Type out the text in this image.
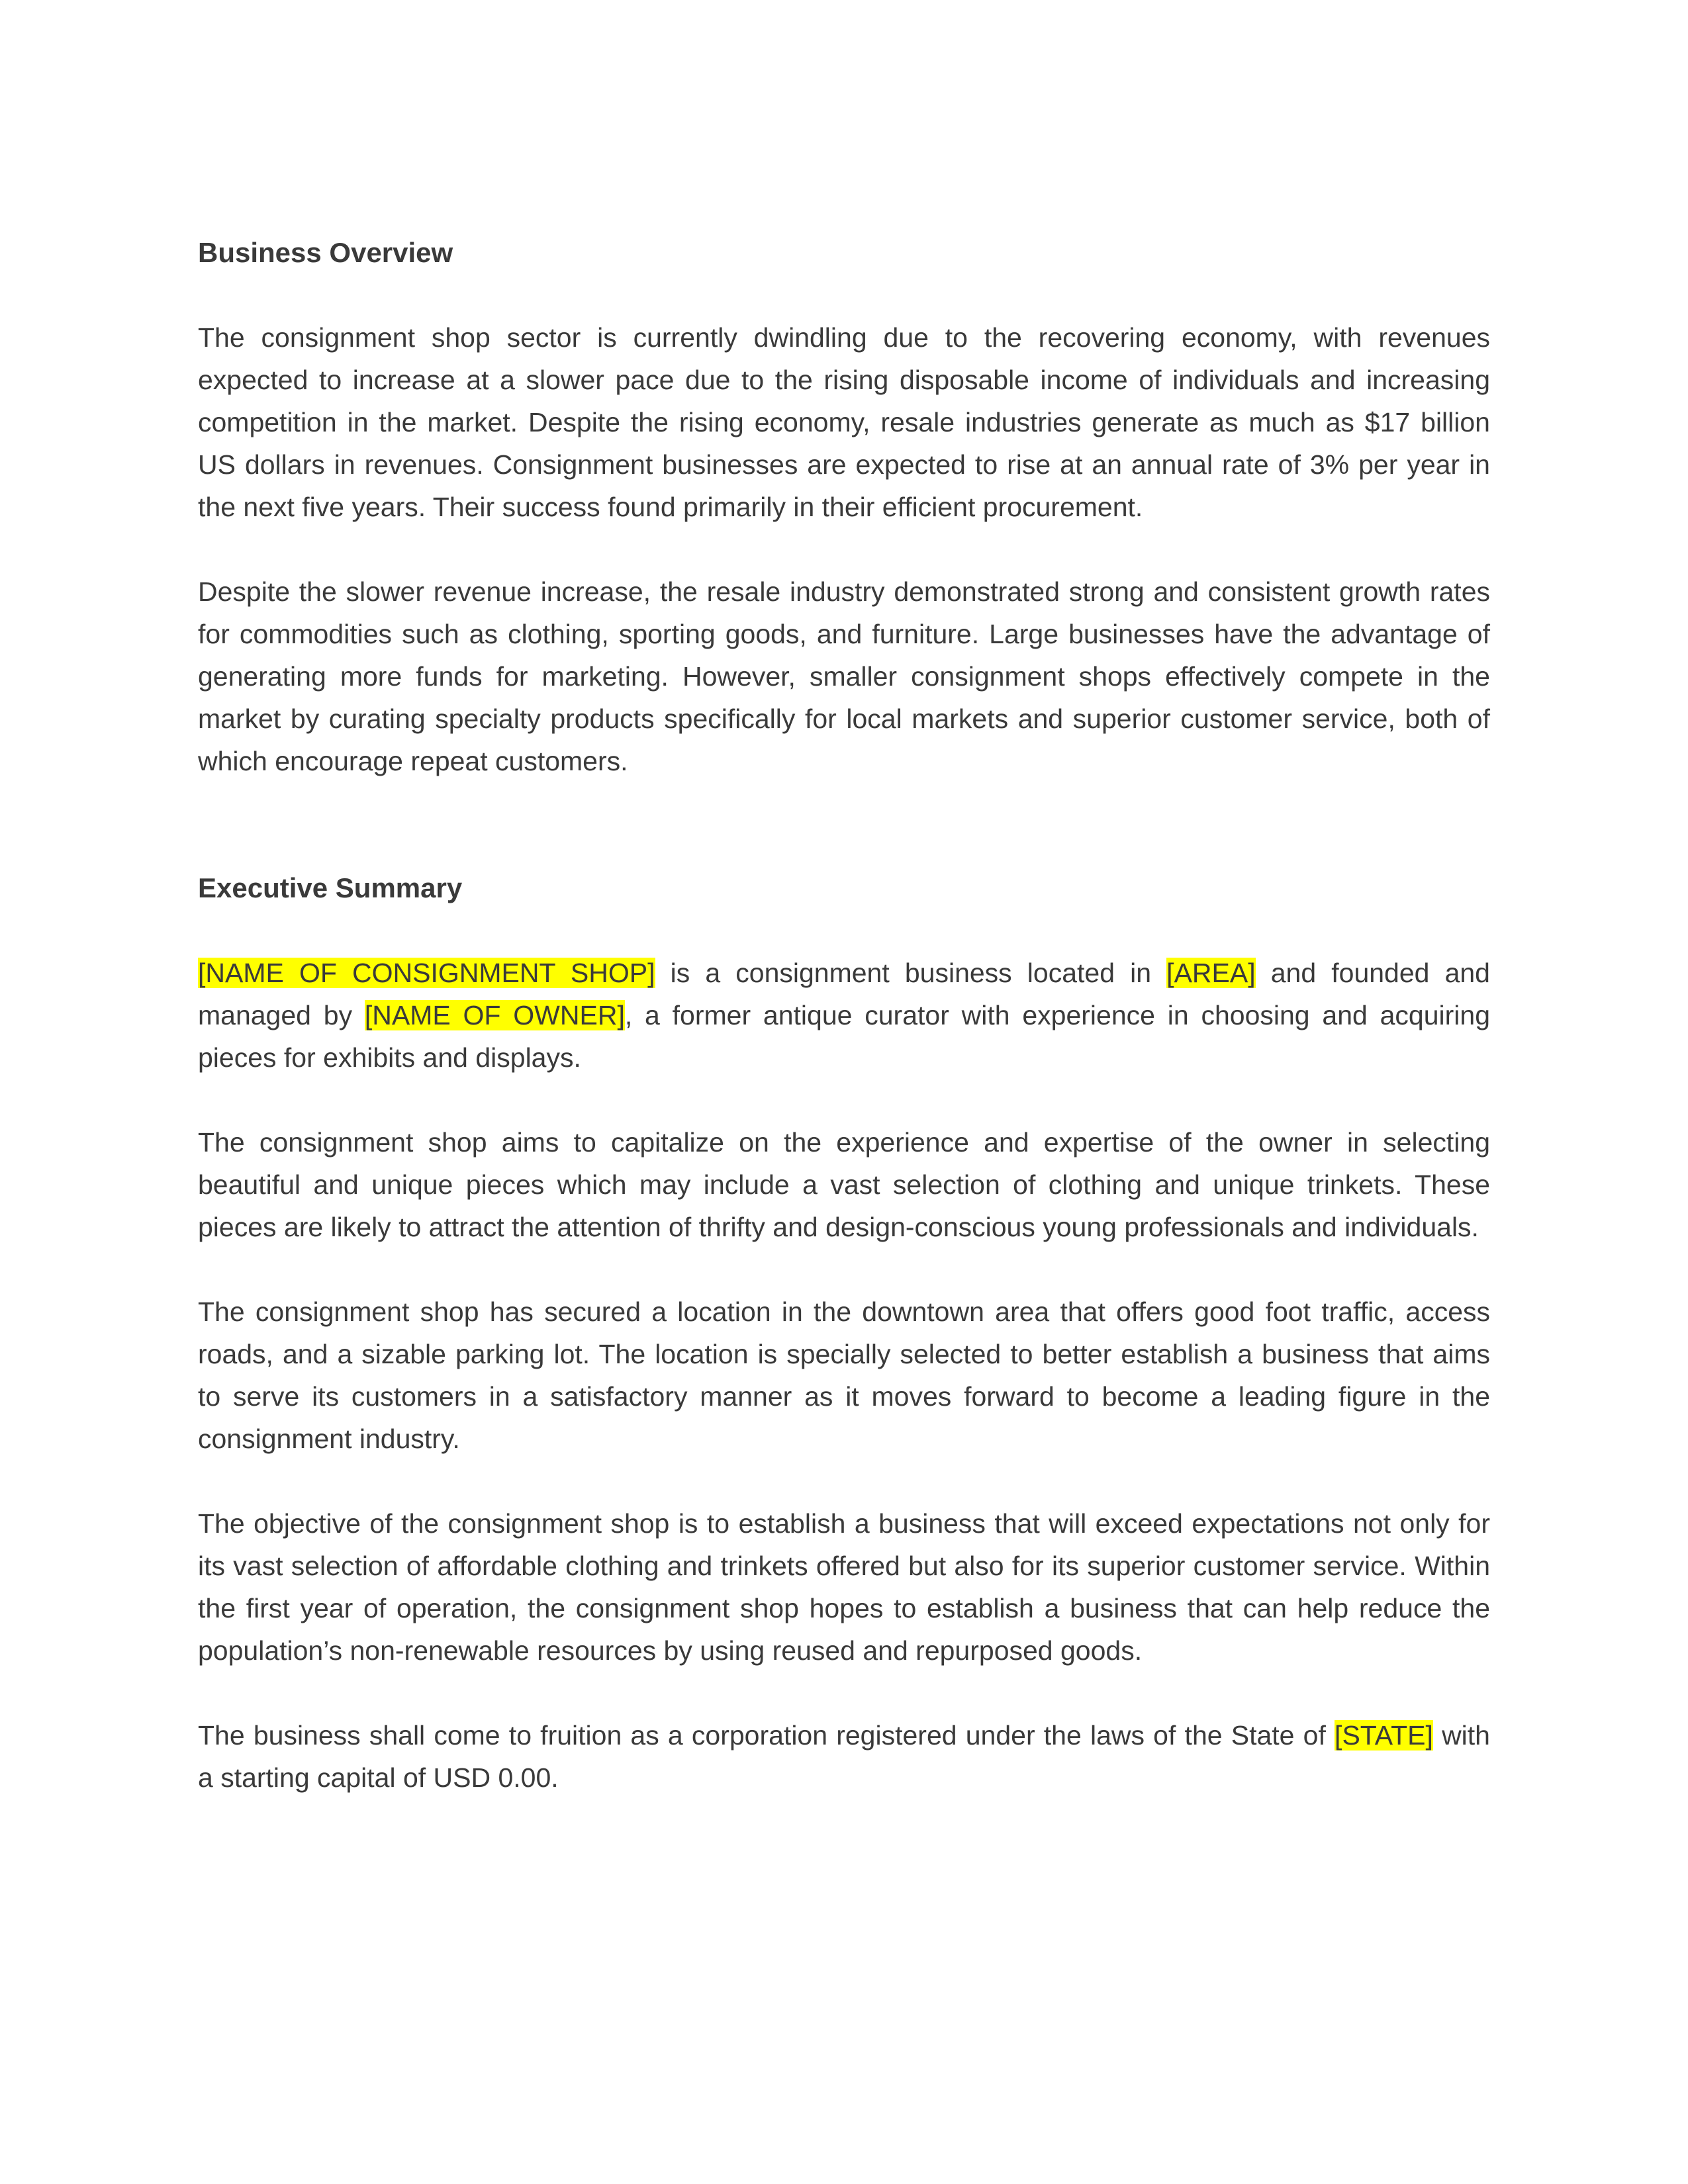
Business Overview

The consignment shop sector is currently dwindling due to the recovering economy, with revenues expected to increase at a slower pace due to the rising disposable income of individuals and increasing competition in the market. Despite the rising economy, resale industries generate as much as $17 billion US dollars in revenues. Consignment businesses are expected to rise at an annual rate of 3% per year in the next five years. Their success found primarily in their efficient procurement.

Despite the slower revenue increase, the resale industry demonstrated strong and consistent growth rates for commodities such as clothing, sporting goods, and furniture. Large businesses have the advantage of generating more funds for marketing. However, smaller consignment shops effectively compete in the market by curating specialty products specifically for local markets and superior customer service, both of which encourage repeat customers.

Executive Summary

[NAME OF CONSIGNMENT SHOP] is a consignment business located in [AREA] and founded and managed by [NAME OF OWNER], a former antique curator with experience in choosing and acquiring pieces for exhibits and displays.

The consignment shop aims to capitalize on the experience and expertise of the owner in selecting beautiful and unique pieces which may include a vast selection of clothing and unique trinkets. These pieces are likely to attract the attention of thrifty and design-conscious young professionals and individuals.

The consignment shop has secured a location in the downtown area that offers good foot traffic, access roads, and a sizable parking lot. The location is specially selected to better establish a business that aims to serve its customers in a satisfactory manner as it moves forward to become a leading figure in the consignment industry.

The objective of the consignment shop is to establish a business that will exceed expectations not only for its vast selection of affordable clothing and trinkets offered but also for its superior customer service. Within the first year of operation, the consignment shop hopes to establish a business that can help reduce the population’s non-renewable resources by using reused and repurposed goods.

The business shall come to fruition as a corporation registered under the laws of the State of [STATE] with a starting capital of USD 0.00.
